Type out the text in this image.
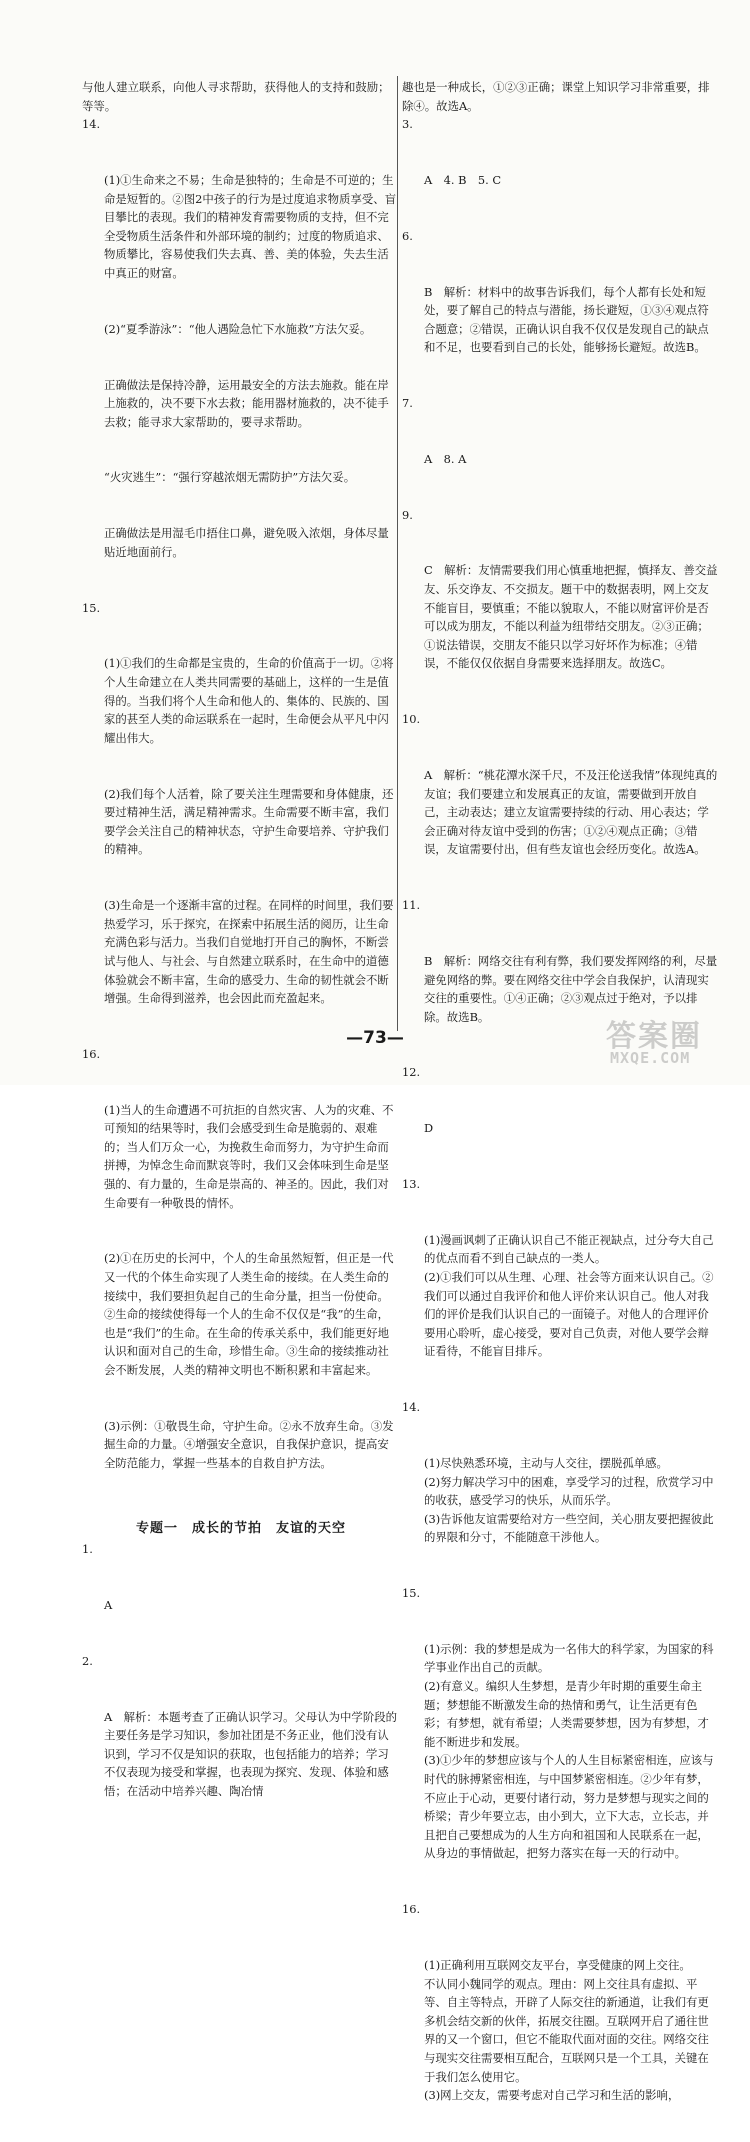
与他人建立联系，向他人寻求帮助，获得他人的支持和鼓励；等等。

14.

(1)①生命来之不易；生命是独特的；生命是不可逆的；生命是短暂的。②图2中孩子的行为是过度追求物质享受、盲目攀比的表现。我们的精神发育需要物质的支持，但不完全受物质生活条件和外部环境的制约；过度的物质追求、物质攀比，容易使我们失去真、善、美的体验，失去生活中真正的财富。

(2)“夏季游泳”：“他人遇险急忙下水施救”方法欠妥。

正确做法是保持冷静，运用最安全的方法去施救。能在岸上施救的，决不要下水去救；能用器材施救的，决不徒手去救；能寻求大家帮助的，要寻求帮助。

“火灾逃生”：“强行穿越浓烟无需防护”方法欠妥。

正确做法是用湿毛巾捂住口鼻，避免吸入浓烟，身体尽量贴近地面前行。

15.

(1)①我们的生命都是宝贵的，生命的价值高于一切。②将个人生命建立在人类共同需要的基础上，这样的一生是值得的。当我们将个人生命和他人的、集体的、民族的、国家的甚至人类的命运联系在一起时，生命便会从平凡中闪耀出伟大。

(2)我们每个人活着，除了要关注生理需要和身体健康，还要过精神生活，满足精神需求。生命需要不断丰富，我们要学会关注自己的精神状态，守护生命要培养、守护我们的精神。

(3)生命是一个逐渐丰富的过程。在同样的时间里，我们要热爱学习，乐于探究，在探索中拓展生活的阅历，让生命充满色彩与活力。当我们自觉地打开自己的胸怀，不断尝试与他人、与社会、与自然建立联系时，在生命中的道德体验就会不断丰富，生命的感受力、生命的韧性就会不断增强。生命得到滋养，也会因此而充盈起来。

16.

(1)当人的生命遭遇不可抗拒的自然灾害、人为的灾难、不可预知的结果等时，我们会感受到生命是脆弱的、艰难的；当人们万众一心，为挽救生命而努力，为守护生命而拼搏，为悼念生命而默哀等时，我们又会体味到生命是坚强的、有力量的，生命是崇高的、神圣的。因此，我们对生命要有一种敬畏的情怀。

(2)①在历史的长河中，个人的生命虽然短暂，但正是一代又一代的个体生命实现了人类生命的接续。在人类生命的接续中，我们要担负起自己的生命分量，担当一份使命。②生命的接续使得每一个人的生命不仅仅是“我”的生命，也是“我们”的生命。在生命的传承关系中，我们能更好地认识和面对自己的生命，珍惜生命。③生命的接续推动社会不断发展，人类的精神文明也不断积累和丰富起来。

(3)示例：①敬畏生命，守护生命。②永不放弃生命。③发掘生命的力量。④增强安全意识，自我保护意识，提高安全防范能力，掌握一些基本的自救自护方法。

专题一　成长的节拍　友谊的天空

1.

A

2.

A　解析：本题考查了正确认识学习。父母认为中学阶段的主要任务是学习知识，参加社团是不务正业，他们没有认识到，学习不仅是知识的获取，也包括能力的培养；学习不仅表现为接受和掌握，也表现为探究、发现、体验和感悟；在活动中培养兴趣、陶冶情

趣也是一种成长，①②③正确；课堂上知识学习非常重要，排除④。故选A。

3.

A　4. B　5. C

6.

B　解析：材料中的故事告诉我们，每个人都有长处和短处，要了解自己的特点与潜能，扬长避短，①③④观点符合题意；②错误，正确认识自我不仅仅是发现自己的缺点和不足，也要看到自己的长处，能够扬长避短。故选B。

7.

A　8. A

9.

C　解析：友情需要我们用心慎重地把握，慎择友、善交益友、乐交诤友、不交损友。题干中的数据表明，网上交友不能盲目，要慎重；不能以貌取人，不能以财富评价是否可以成为朋友，不能以利益为纽带结交朋友。②③正确；①说法错误，交朋友不能只以学习好坏作为标准；④错误，不能仅仅依据自身需要来选择朋友。故选C。

10.

A　解析：“桃花潭水深千尺，不及汪伦送我情”体现纯真的友谊；我们要建立和发展真正的友谊，需要做到开放自己，主动表达；建立友谊需要持续的行动、用心表达；学会正确对待友谊中受到的伤害；①②④观点正确；③错误，友谊需要付出，但有些友谊也会经历变化。故选A。

11.

B　解析：网络交往有利有弊，我们要发挥网络的利，尽量避免网络的弊。要在网络交往中学会自我保护，认清现实交往的重要性。①④正确；②③观点过于绝对，予以排除。故选B。

12.

D

13.

(1)漫画讽刺了正确认识自己不能正视缺点，过分夸大自己的优点而看不到自己缺点的一类人。
(2)①我们可以从生理、心理、社会等方面来认识自己。②我们可以通过自我评价和他人评价来认识自己。他人对我们的评价是我们认识自己的一面镜子。对他人的合理评价要用心聆听，虚心接受，要对自己负责，对他人要学会辩证看待，不能盲目排斥。

14.

(1)尽快熟悉环境，主动与人交往，摆脱孤单感。
(2)努力解决学习中的困难，享受学习的过程，欣赏学习中的收获，感受学习的快乐，从而乐学。
(3)告诉他友谊需要给对方一些空间，关心朋友要把握彼此的界限和分寸，不能随意干涉他人。

15.

(1)示例：我的梦想是成为一名伟大的科学家，为国家的科学事业作出自己的贡献。
(2)有意义。编织人生梦想，是青少年时期的重要生命主题；梦想能不断激发生命的热情和勇气，让生活更有色彩；有梦想，就有希望；人类需要梦想，因为有梦想，才能不断进步和发展。
(3)①少年的梦想应该与个人的人生目标紧密相连，应该与时代的脉搏紧密相连，与中国梦紧密相连。②少年有梦，不应止于心动，更要付诸行动，努力是梦想与现实之间的桥梁；青少年要立志，由小到大，立下大志，立长志，并且把自己要想成为的人生方向和祖国和人民联系在一起，从身边的事情做起，把努力落实在每一天的行动中。

16.

(1)正确利用互联网交友平台，享受健康的网上交往。
不认同小魏同学的观点。理由：网上交往具有虚拟、平等、自主等特点，开辟了人际交往的新通道，让我们有更多机会结交新的伙伴，拓展交往圈。互联网开启了通往世界的又一个窗口，但它不能取代面对面的交往。网络交往与现实交往需要相互配合，互联网只是一个工具，关键在于我们怎么使用它。
(3)网上交友，需要考虑对自己学习和生活的影响，

—73—	答案圈
MXQE.COM
